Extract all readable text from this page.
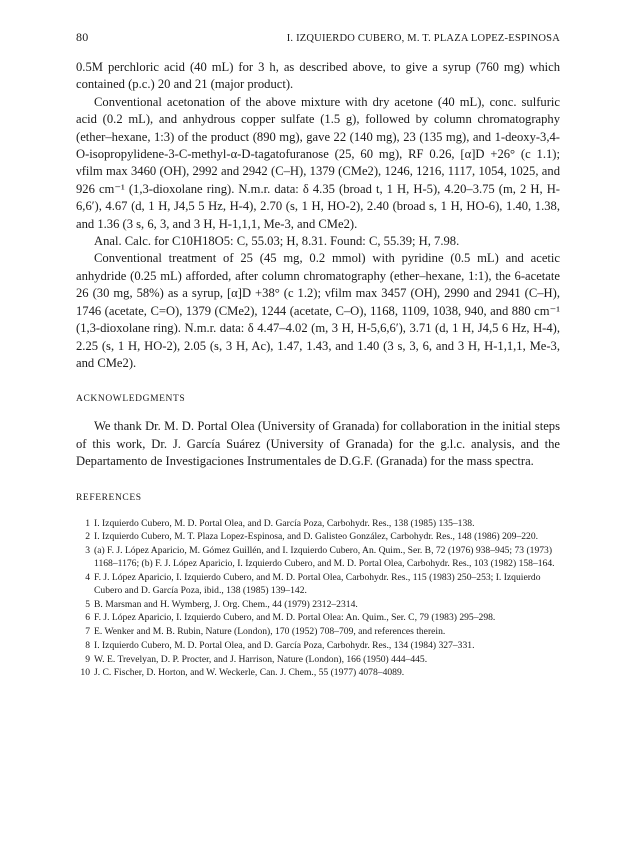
80	I. IZQUIERDO CUBERO, M. T. PLAZA LOPEZ-ESPINOSA

0.5M perchloric acid (40 mL) for 3 h, as described above, to give a syrup (760 mg) which contained (p.c.) 20 and 21 (major product).

Conventional acetonation of the above mixture with dry acetone (40 mL), conc. sulfuric acid (0.2 mL), and anhydrous copper sulfate (1.5 g), followed by column chromatography (ether–hexane, 1:3) of the product (890 mg), gave 22 (140 mg), 23 (135 mg), and 1-deoxy-3,4-O-isopropylidene-3-C-methyl-α-D-tagatofuranose (25, 60 mg), RF 0.26, [α]D +26° (c 1.1); νfilm max 3460 (OH), 2992 and 2942 (C–H), 1379 (CMe2), 1246, 1216, 1117, 1054, 1025, and 926 cm⁻¹ (1,3-dioxolane ring). N.m.r. data: δ 4.35 (broad t, 1 H, H-5), 4.20–3.75 (m, 2 H, H-6,6′), 4.67 (d, 1 H, J4,5 5 Hz, H-4), 2.70 (s, 1 H, HO-2), 2.40 (broad s, 1 H, HO-6), 1.40, 1.38, and 1.36 (3 s, 6, 3, and 3 H, H-1,1,1, Me-3, and CMe2).

Anal. Calc. for C10H18O5: C, 55.03; H, 8.31. Found: C, 55.39; H, 7.98.

Conventional treatment of 25 (45 mg, 0.2 mmol) with pyridine (0.5 mL) and acetic anhydride (0.25 mL) afforded, after column chromatography (ether–hexane, 1:1), the 6-acetate 26 (30 mg, 58%) as a syrup, [α]D +38° (c 1.2); νfilm max 3457 (OH), 2990 and 2941 (C–H), 1746 (acetate, C=O), 1379 (CMe2), 1244 (acetate, C–O), 1168, 1109, 1038, 940, and 880 cm⁻¹ (1,3-dioxolane ring). N.m.r. data: δ 4.47–4.02 (m, 3 H, H-5,6,6′), 3.71 (d, 1 H, J4,5 6 Hz, H-4), 2.25 (s, 1 H, HO-2), 2.05 (s, 3 H, Ac), 1.47, 1.43, and 1.40 (3 s, 3, 6, and 3 H, H-1,1,1, Me-3, and CMe2).

ACKNOWLEDGMENTS

We thank Dr. M. D. Portal Olea (University of Granada) for collaboration in the initial steps of this work, Dr. J. García Suárez (University of Granada) for the g.l.c. analysis, and the Departamento de Investigaciones Instrumentales de D.G.F. (Granada) for the mass spectra.

REFERENCES
1 I. Izquierdo Cubero, M. D. Portal Olea, and D. García Poza, Carbohydr. Res., 138 (1985) 135–138.
2 I. Izquierdo Cubero, M. T. Plaza Lopez-Espinosa, and D. Galisteo González, Carbohydr. Res., 148 (1986) 209–220.
3 (a) F. J. López Aparicio, M. Gómez Guillén, and I. Izquierdo Cubero, An. Quim., Ser. B, 72 (1976) 938–945; 73 (1973) 1168–1176; (b) F. J. López Aparicio, I. Izquierdo Cubero, and M. D. Portal Olea, Carbohydr. Res., 103 (1982) 158–164.
4 F. J. López Aparicio, I. Izquierdo Cubero, and M. D. Portal Olea, Carbohydr. Res., 115 (1983) 250–253; I. Izquierdo Cubero and D. García Poza, ibid., 138 (1985) 139–142.
5 B. Marsman and H. Wymberg, J. Org. Chem., 44 (1979) 2312–2314.
6 F. J. López Aparicio, I. Izquierdo Cubero, and M. D. Portal Olea: An. Quim., Ser. C, 79 (1983) 295–298.
7 E. Wenker and M. B. Rubin, Nature (London), 170 (1952) 708–709, and references therein.
8 I. Izquierdo Cubero, M. D. Portal Olea, and D. García Poza, Carbohydr. Res., 134 (1984) 327–331.
9 W. E. Trevelyan, D. P. Procter, and J. Harrison, Nature (London), 166 (1950) 444–445.
10 J. C. Fischer, D. Horton, and W. Weckerle, Can. J. Chem., 55 (1977) 4078–4089.
